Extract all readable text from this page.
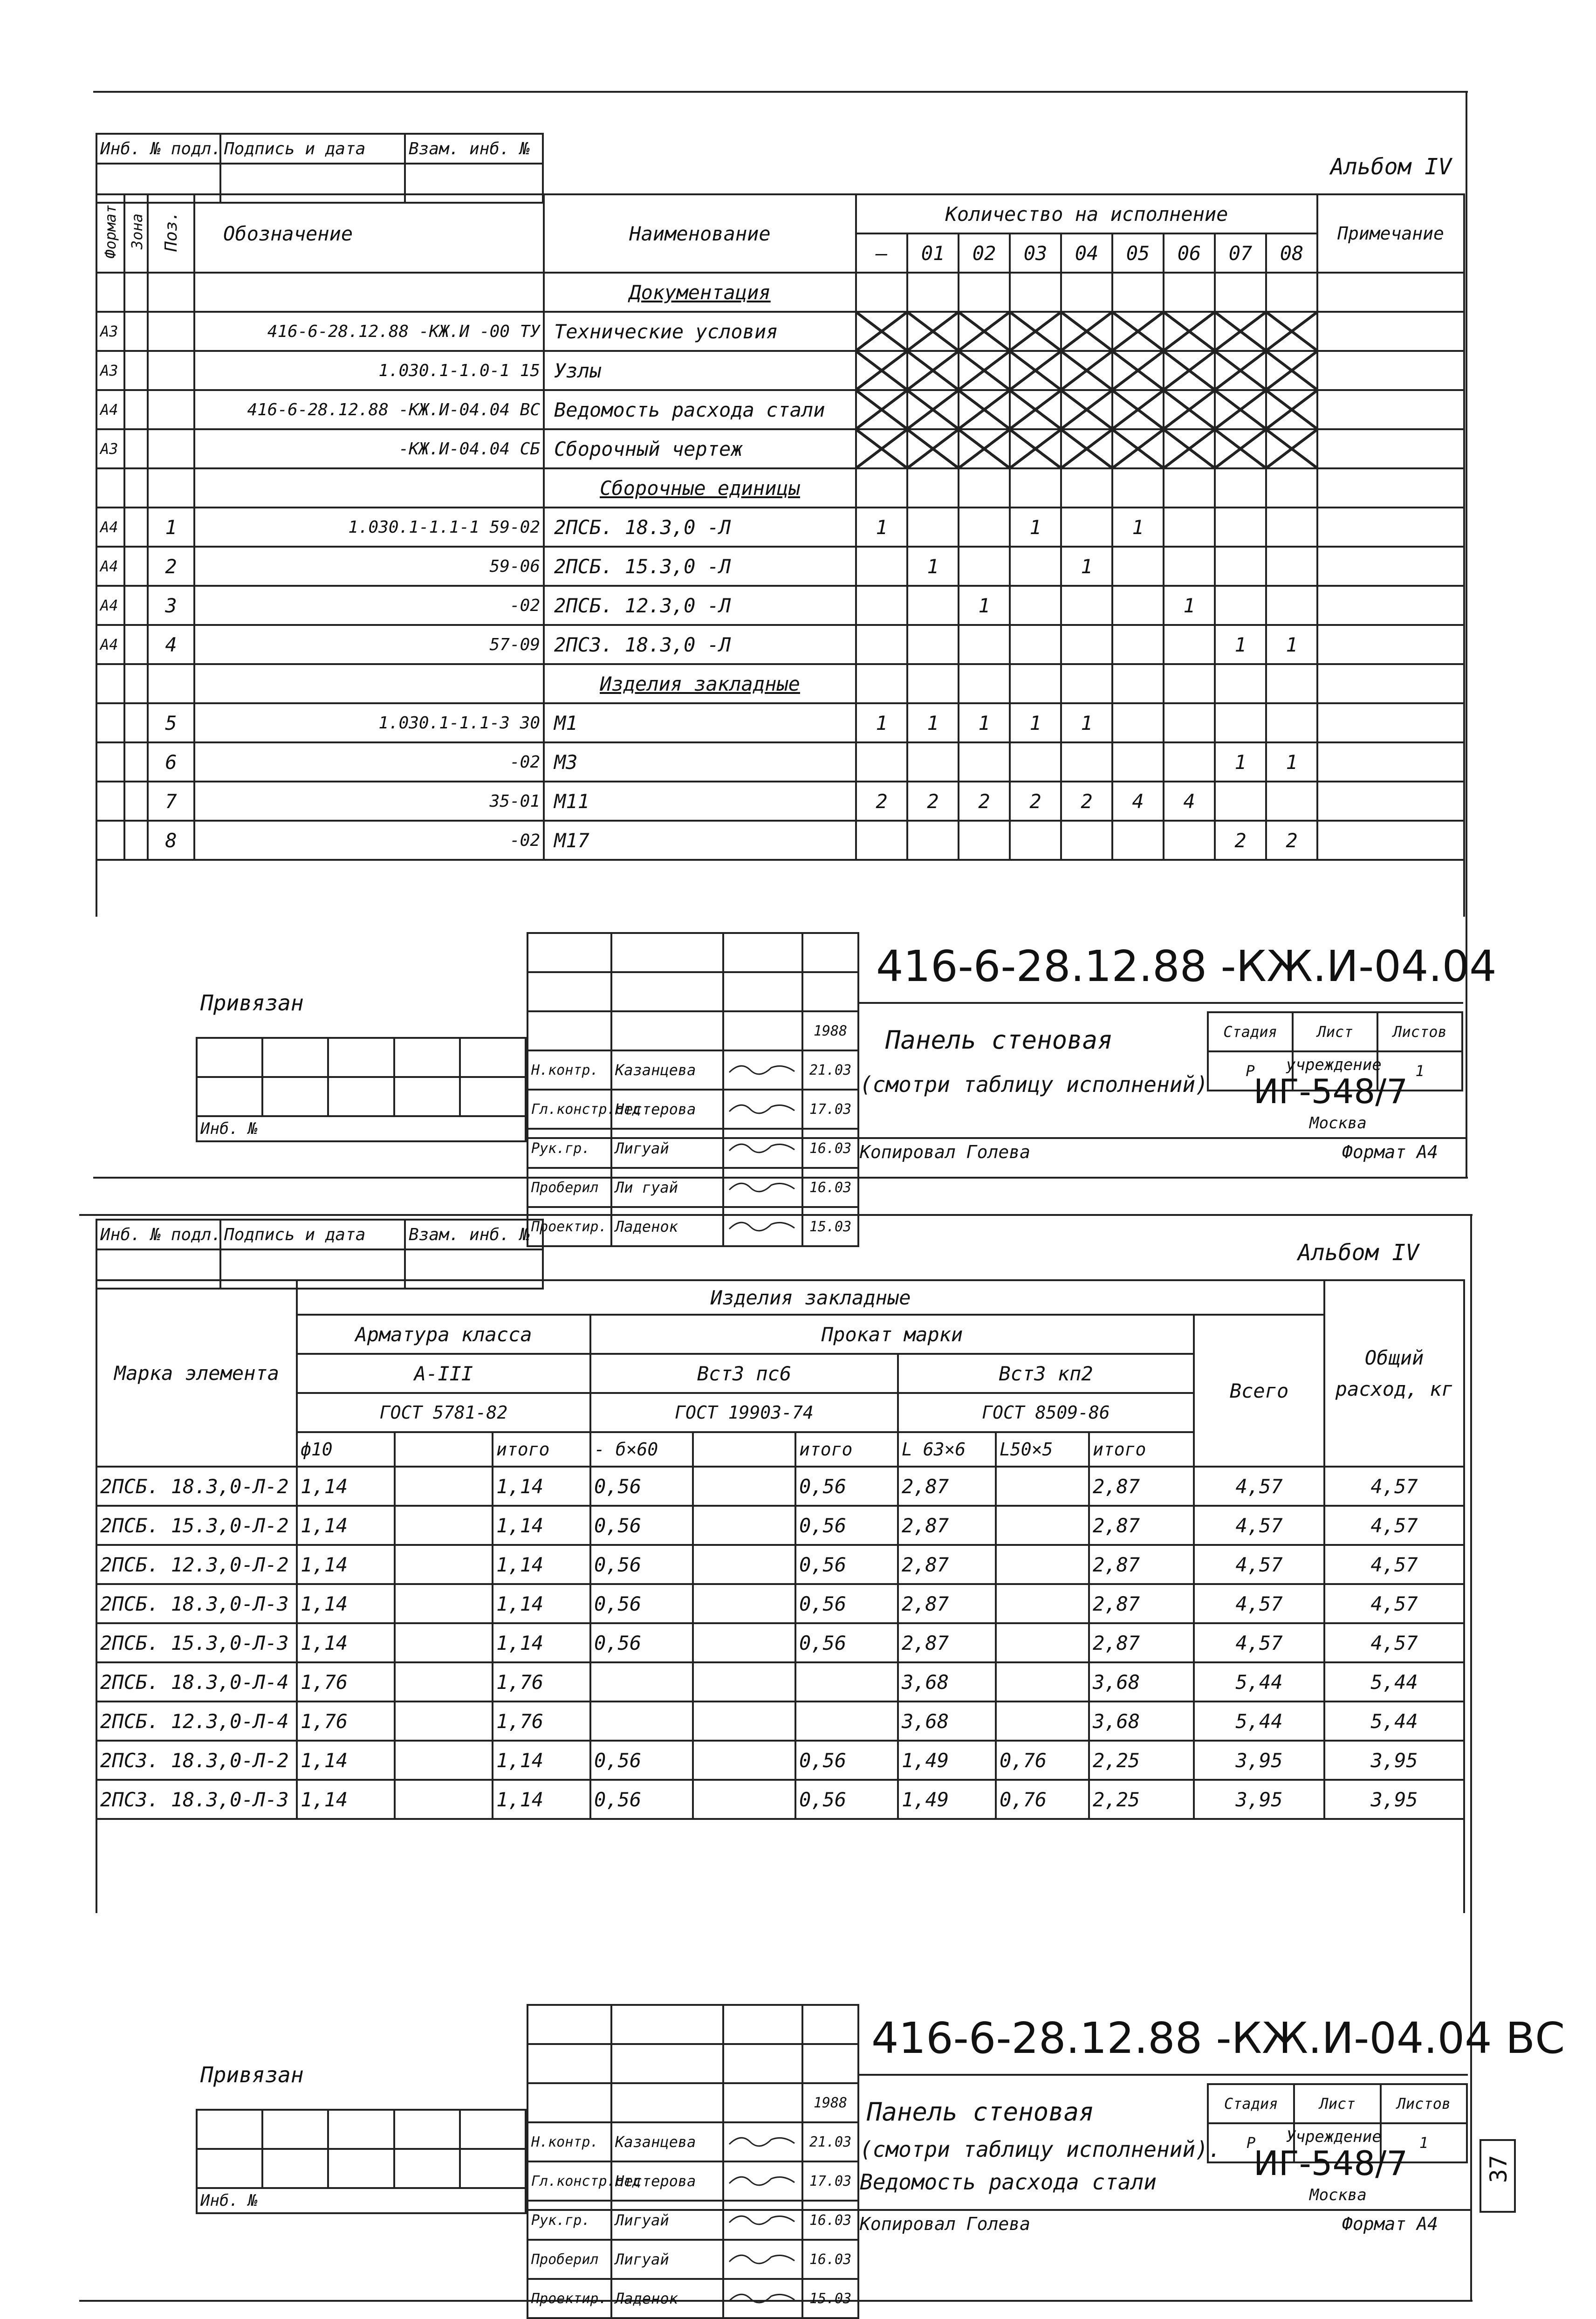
Инб. № подл.	Подпись и дата	Взам. инб. №

Альбом IV
Формат	Зона	Поз.	Обозначение	Наименование	Количество на исполнение									Примечание
					—	01	02	03	04	05	06	07	08	
				Документация										
А3			416-6-28.12.88 -КЖ.И -00 ТУ	Технические условия										
А3			1.030.1-1.0-1 15	Узлы										
А4			416-6-28.12.88 -КЖ.И-04.04 ВС	Ведомость расхода стали										
А3			-КЖ.И-04.04 СБ	Сборочный чертеж										
				Сборочные единицы										
А4		1	1.030.1-1.1-1 59-02	2ПСБ. 18.3,0 -Л	1			1		1				
А4		2	59-06	2ПСБ. 15.3,0 -Л		1			1					
А4		3	-02	2ПСБ. 12.3,0 -Л			1				1			
А4		4	57-09	2ПС3. 18.3,0 -Л								1	1	
				Изделия закладные										
		5	1.030.1-1.1-3 30	М1	1	1	1	1	1					
		6	-02	М3								1	1	
		7	35-01	М11	2	2	2	2	2	4	4			
		8	-02	М17								2	2	

			1988
Н.контр.	Казанцева		21.03
Гл.констр.отд	Нестерова		17.03
Рук.гр.	Лигуай		16.03
Проберил	Ли гуай		16.03
Проектир.	Ладенок		15.03
416-6-28.12.88 -КЖ.И-04.04
Привязан

Инб. №				
Панель стеновая
(смотри таблицу исполнений)
Стадия	Лист	Листов
Р		1
учреждение
ИГ-548/7
Москва
Копировал Голева	Формат А4
Инб. № подл.	Подпись и дата	Взам. инб. №

Альбом IV
Марка элемента	Изделия закладные										Общий расход, кг
	Арматура класса			Прокат марки						Всего	
	А-III			Вст3 пс6			Вст3 кп2				
	ГОСТ 5781-82			ГОСТ 19903-74			ГОСТ 8509-86				
	ф10		итого	- б×60		итого	L 63×6	L50×5	итого		
2ПСБ. 18.3,0-Л-2	1,14		1,14	0,56		0,56	2,87		2,87	4,57	4,57
2ПСБ. 15.3,0-Л-2	1,14		1,14	0,56		0,56	2,87		2,87	4,57	4,57
2ПСБ. 12.3,0-Л-2	1,14		1,14	0,56		0,56	2,87		2,87	4,57	4,57
2ПСБ. 18.3,0-Л-3	1,14		1,14	0,56		0,56	2,87		2,87	4,57	4,57
2ПСБ. 15.3,0-Л-3	1,14		1,14	0,56		0,56	2,87		2,87	4,57	4,57
2ПСБ. 18.3,0-Л-4	1,76		1,76				3,68		3,68	5,44	5,44
2ПСБ. 12.3,0-Л-4	1,76		1,76				3,68		3,68	5,44	5,44
2ПС3. 18.3,0-Л-2	1,14		1,14	0,56		0,56	1,49	0,76	2,25	3,95	3,95
2ПС3. 18.3,0-Л-3	1,14		1,14	0,56		0,56	1,49	0,76	2,25	3,95	3,95

			1988
Н.контр.	Казанцева		21.03
Гл.констр.отд	Нестерова		17.03
Рук.гр.	Лигуай		16.03
Проберил	Лигуай		16.03
Проектир.	Ладенок		15.03
416-6-28.12.88 -КЖ.И-04.04 ВС
Привязан

Инб. №				
Панель стеновая
(смотри таблицу исполнений).
Ведомость расхода стали
Стадия	Лист	Листов
Р		1
Учреждение
ИГ-548/7
Москва
Копировал Голева	Формат А4
37
